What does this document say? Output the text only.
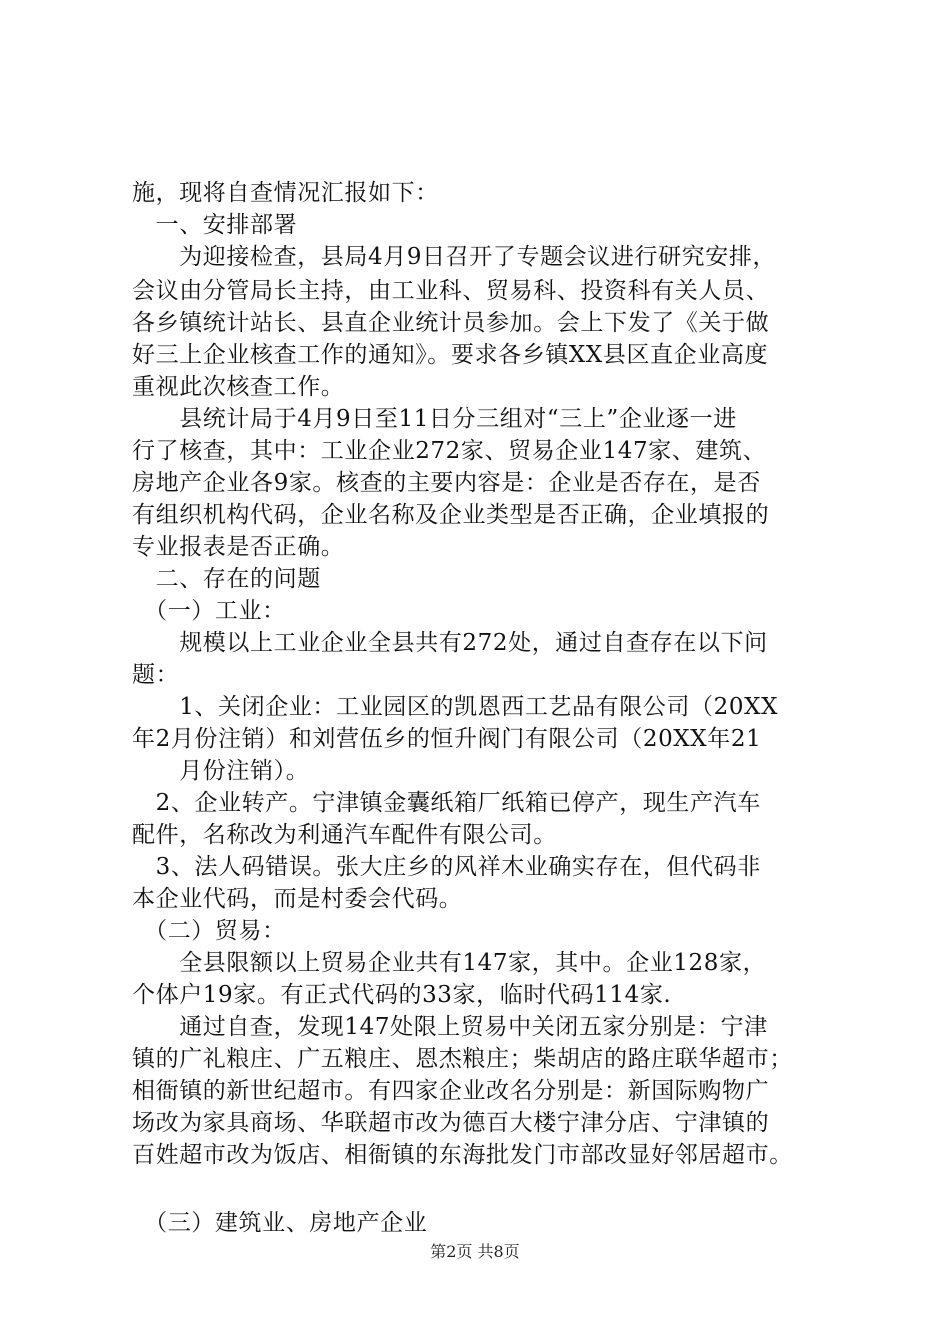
施，现将自查情况汇报如下：
　一、安排部署
　　为迎接检查，县局4月9日召开了专题会议进行研究安排，
会议由分管局长主持，由工业科、贸易科、投资科有关人员、
各乡镇统计站长、县直企业统计员参加。会上下发了《关于做
好三上企业核查工作的通知》。要求各乡镇XX县区直企业高度
重视此次核查工作。
　　县统计局于4月9日至11日分三组对“三上”企业逐一进
行了核查，其中：工业企业272家、贸易企业147家、建筑、
房地产企业各9家。核查的主要内容是：企业是否存在，是否
有组织机构代码，企业名称及企业类型是否正确，企业填报的
专业报表是否正确。
　二、存在的问题
　（一）工业：
　　规模以上工业企业全县共有272处，通过自查存在以下问
题：
　　1、关闭企业：工业园区的凯恩西工艺品有限公司（20XX
年2月份注销）和刘营伍乡的恒升阀门有限公司（20XX年21
　　月份注销）。
　2、企业转产。宁津镇金囊纸箱厂纸箱已停产，现生产汽车
配件，名称改为利通汽车配件有限公司。
　3、法人码错误。张大庄乡的风祥木业确实存在，但代码非
本企业代码，而是村委会代码。
　（二）贸易：
　　全县限额以上贸易企业共有147家，其中。企业128家，
个体户19家。有正式代码的33家，临时代码114家.
　　通过自查，发现147处限上贸易中关闭五家分别是：宁津
镇的广礼粮庄、广五粮庄、恩杰粮庄；柴胡店的路庄联华超市；
相衙镇的新世纪超市。有四家企业改名分别是：新国际购物广
场改为家具商场、华联超市改为德百大楼宁津分店、宁津镇的
百姓超市改为饭店、相衙镇的东海批发门市部改显好邻居超市。
　（三）建筑业、房地产企业
第2页 共8页
